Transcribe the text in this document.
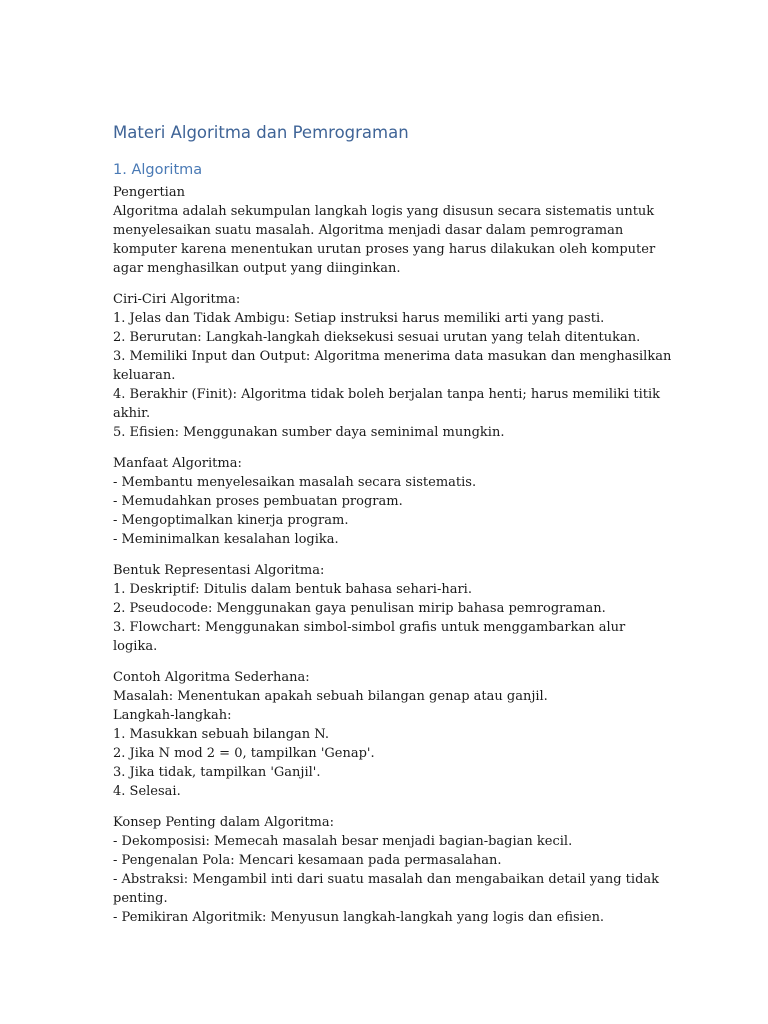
Materi Algoritma dan Pemrograman
1. Algoritma
Pengertian
Algoritma adalah sekumpulan langkah logis yang disusun secara sistematis untuk menyelesaikan suatu masalah. Algoritma menjadi dasar dalam pemrograman komputer karena menentukan urutan proses yang harus dilakukan oleh komputer agar menghasilkan output yang diinginkan.
Ciri-Ciri Algoritma:
1. Jelas dan Tidak Ambigu: Setiap instruksi harus memiliki arti yang pasti.
2. Berurutan: Langkah-langkah dieksekusi sesuai urutan yang telah ditentukan.
3. Memiliki Input dan Output: Algoritma menerima data masukan dan menghasilkan keluaran.
4. Berakhir (Finit): Algoritma tidak boleh berjalan tanpa henti; harus memiliki titik akhir.
5. Efisien: Menggunakan sumber daya seminimal mungkin.
Manfaat Algoritma:
- Membantu menyelesaikan masalah secara sistematis.
- Memudahkan proses pembuatan program.
- Mengoptimalkan kinerja program.
- Meminimalkan kesalahan logika.
Bentuk Representasi Algoritma:
1. Deskriptif: Ditulis dalam bentuk bahasa sehari-hari.
2. Pseudocode: Menggunakan gaya penulisan mirip bahasa pemrograman.
3. Flowchart: Menggunakan simbol-simbol grafis untuk menggambarkan alur logika.
Contoh Algoritma Sederhana:
Masalah: Menentukan apakah sebuah bilangan genap atau ganjil.
Langkah-langkah:
1. Masukkan sebuah bilangan N.
2. Jika N mod 2 = 0, tampilkan 'Genap'.
3. Jika tidak, tampilkan 'Ganjil'.
4. Selesai.
Konsep Penting dalam Algoritma:
- Dekomposisi: Memecah masalah besar menjadi bagian-bagian kecil.
- Pengenalan Pola: Mencari kesamaan pada permasalahan.
- Abstraksi: Mengambil inti dari suatu masalah dan mengabaikan detail yang tidak penting.
- Pemikiran Algoritmik: Menyusun langkah-langkah yang logis dan efisien.
